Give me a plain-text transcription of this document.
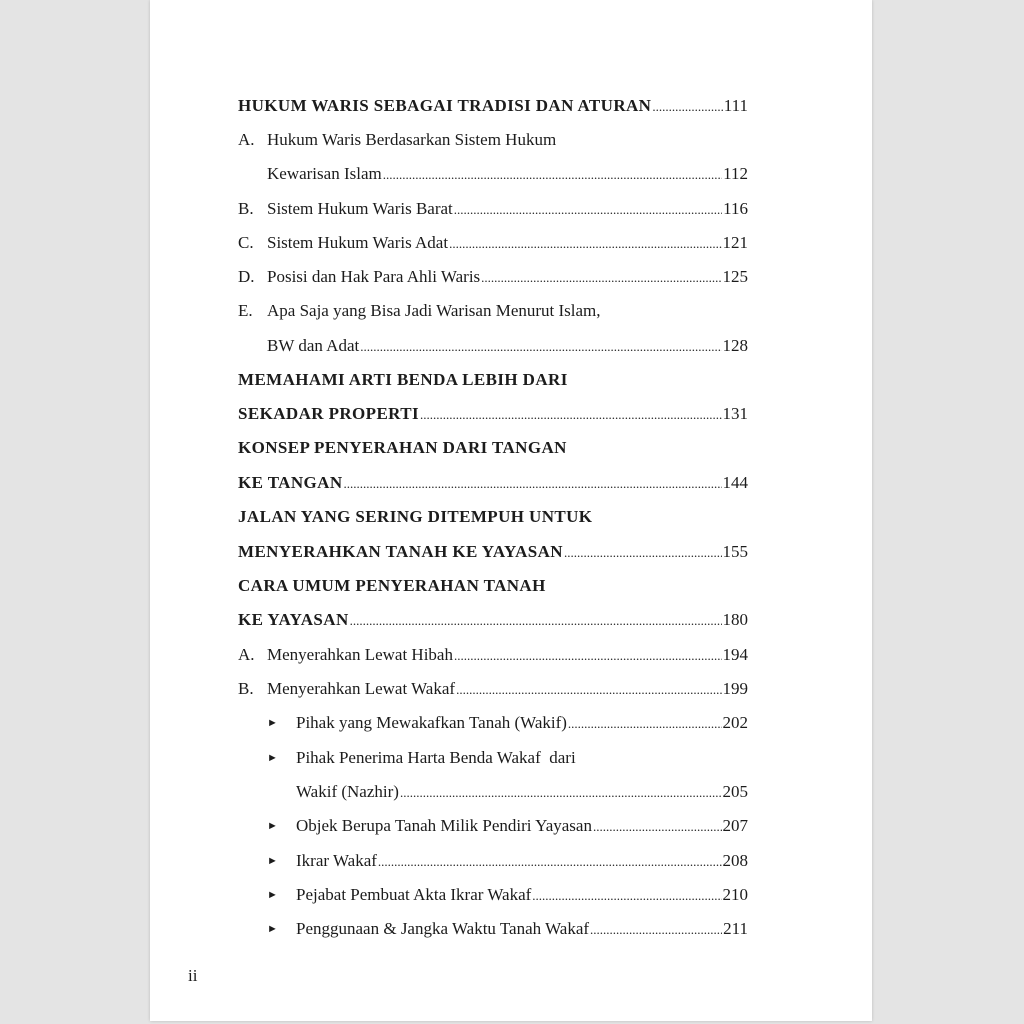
HUKUM WARIS SEBAGAI TRADISI DAN ATURAN .....	111
A. Hukum Waris Berdasarkan Sistem Hukum
Kewarisan Islam .....	112
B. Sistem Hukum Waris Barat .....	116
C. Sistem Hukum Waris Adat .....	121
D. Posisi dan Hak Para Ahli Waris .....	125
E. Apa Saja yang Bisa Jadi Warisan Menurut Islam,
BW dan Adat .....	128
MEMAHAMI ARTI BENDA LEBIH DARI
SEKADAR PROPERTI .....	131
KONSEP PENYERAHAN DARI TANGAN
KE TANGAN .....	144
JALAN YANG SERING DITEMPUH UNTUK
MENYERAHKAN TANAH KE YAYASAN .....	155
CARA UMUM PENYERAHAN TANAH
KE YAYASAN .....	180
A. Menyerahkan Lewat Hibah .....	194
B. Menyerahkan Lewat Wakaf .....	199
►	Pihak yang Mewakafkan Tanah (Wakif) .....	202
►	Pihak Penerima Harta Benda Wakaf  dari
Wakif (Nazhir) .....	205
►	Objek Berupa Tanah Milik Pendiri Yayasan .....	207
►	Ikrar Wakaf .....	208
►	Pejabat Pembuat Akta Ikrar Wakaf .....	210
►	Penggunaan & Jangka Waktu Tanah Wakaf .....	211
ii
